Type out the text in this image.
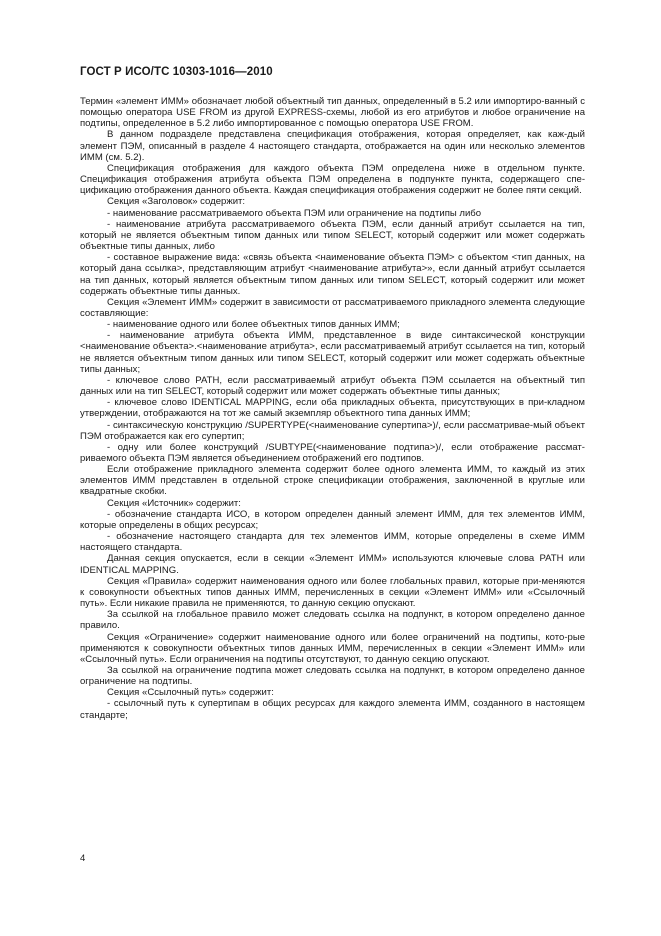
ГОСТ Р ИСО/ТС 10303-1016—2010

Термин «элемент ИММ» обозначает любой объектный тип данных, определенный в 5.2 или импортиро-ванный с помощью оператора USE FROM из другой EXPRESS-схемы, любой из его атрибутов и любое ограничение на подтипы, определенное в 5.2 либо импортированное с помощью оператора USE FROM.

В данном подразделе представлена спецификация отображения, которая определяет, как каж-дый элемент ПЭМ, описанный в разделе 4 настоящего стандарта, отображается на один или несколько элементов ИММ (см. 5.2).

Спецификация отображения для каждого объекта ПЭМ определена ниже в отдельном пункте. Спецификация отображения атрибута объекта ПЭМ определена в подпункте пункта, содержащего спе-цификацию отображения данного объекта. Каждая спецификация отображения содержит не более пяти секций.

Секция «Заголовок» содержит:

- наименование рассматриваемого объекта ПЭМ или ограничение на подтипы либо

- наименование атрибута рассматриваемого объекта ПЭМ, если данный атрибут ссылается на тип, который не является объектным типом данных или типом SELECT, который содержит или может содержать объектные типы данных, либо

- составное выражение вида: «связь объекта <наименование объекта ПЭМ> с объектом <тип данных, на который дана ссылка>, представляющим атрибут <наименование атрибута>», если данный атрибут ссылается на тип данных, который является объектным типом данных или типом SELECT, который содержит или может содержать объектные типы данных.

Секция «Элемент ИММ» содержит в зависимости от рассматриваемого прикладного элемента следующие составляющие:

- наименование одного или более объектных типов данных ИММ;

- наименование атрибута объекта ИММ, представленное в виде синтаксической конструкции <наименование объекта>.<наименование атрибута>, если рассматриваемый атрибут ссылается на тип, который не является объектным типом данных или типом SELECT, который содержит или может содержать объектные типы данных;

- ключевое слово PATH, если рассматриваемый атрибут объекта ПЭМ ссылается на объектный тип данных или на тип SELECT, который содержит или может содержать объектные типы данных;

- ключевое слово IDENTICAL MAPPING, если оба прикладных объекта, присутствующих в при-кладном утверждении, отображаются на тот же самый экземпляр объектного типа данных ИММ;

- синтаксическую конструкцию /SUPERTYPE(<наименование супертипа>)/, если рассматривае-мый объект ПЭМ отображается как его супертип;

- одну или более конструкций /SUBTYPE(<наименование подтипа>)/, если отображение рассмат-риваемого объекта ПЭМ является объединением отображений его подтипов.

Если отображение прикладного элемента содержит более одного элемента ИММ, то каждый из этих элементов ИММ представлен в отдельной строке спецификации отображения, заключенной в круглые или квадратные скобки.

Секция «Источник» содержит:

- обозначение стандарта ИСО, в котором определен данный элемент ИММ, для тех элементов ИММ, которые определены в общих ресурсах;

- обозначение настоящего стандарта для тех элементов ИММ, которые определены в схеме ИММ настоящего стандарта.

Данная секция опускается, если в секции «Элемент ИММ» используются ключевые слова PATH или IDENTICAL MAPPING.

Секция «Правила» содержит наименования одного или более глобальных правил, которые при-меняются к совокупности объектных типов данных ИММ, перечисленных в секции «Элемент ИММ» или «Ссылочный путь». Если никакие правила не применяются, то данную секцию опускают.

За ссылкой на глобальное правило может следовать ссылка на подпункт, в котором определено данное правило.

Секция «Ограничение» содержит наименование одного или более ограничений на подтипы, кото-рые применяются к совокупности объектных типов данных ИММ, перечисленных в секции «Элемент ИММ» или «Ссылочный путь». Если ограничения на подтипы отсутствуют, то данную секцию опускают.

За ссылкой на ограничение подтипа может следовать ссылка на подпункт, в котором определено данное ограничение на подтипы.

Секция «Ссылочный путь» содержит:

- ссылочный путь к супертипам в общих ресурсах для каждого элемента ИММ, созданного в настоящем стандарте;

4
